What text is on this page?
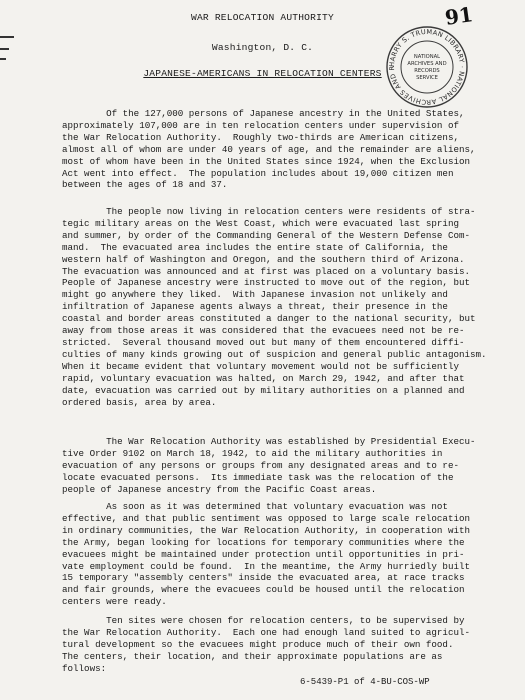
91
WAR RELOCATION AUTHORITY
Washington, D. C.
JAPANESE-AMERICANS IN RELOCATION CENTERS
HARRY S. TRUMAN LIBRARY · NATIONAL ARCHIVES AND R
NATIONAL
ARCHIVES AND
RECORDS
SERVICE
Of the 127,000 persons of Japanese ancestry in the United States,
approximately 107,000 are in ten relocation centers under supervision of
the War Relocation Authority.  Roughly two-thirds are American citizens,
almost all of whom are under 40 years of age, and the remainder are aliens,
most of whom have been in the United States since 1924, when the Exclusion
Act went into effect.  The population includes about 19,000 citizen men
between the ages of 18 and 37.
The people now living in relocation centers were residents of stra-
tegic military areas on the West Coast, which were evacuated last spring
and summer, by order of the Commanding General of the Western Defense Com-
mand.  The evacuated area includes the entire state of California, the
western half of Washington and Oregon, and the southern third of Arizona.
The evacuation was announced and at first was placed on a voluntary basis.
People of Japanese ancestry were instructed to move out of the region, but
might go anywhere they liked.  With Japanese invasion not unlikely and
infiltration of Japanese agents always a threat, their presence in the
coastal and border areas constituted a danger to the national security, but
away from those areas it was considered that the evacuees need not be re-
stricted.  Several thousand moved out but many of them encountered diffi-
culties of many kinds growing out of suspicion and general public antagonism.
When it became evident that voluntary movement would not be sufficiently
rapid, voluntary evacuation was halted, on March 29, 1942, and after that
date, evacuation was carried out by military authorities on a planned and
ordered basis, area by area.
The War Relocation Authority was established by Presidential Execu-
tive Order 9102 on March 18, 1942, to aid the military authorities in
evacuation of any persons or groups from any designated areas and to re-
locate evacuated persons.  Its immediate task was the relocation of the
people of Japanese ancestry from the Pacific Coast areas.
As soon as it was determined that voluntary evacuation was not
effective, and that public sentiment was opposed to large scale relocation
in ordinary communities, the War Relocation Authority, in cooperation with
the Army, began looking for locations for temporary communities where the
evacuees might be maintained under protection until opportunities in pri-
vate employment could be found.  In the meantime, the Army hurriedly built
15 temporary "assembly centers" inside the evacuated area, at race tracks
and fair grounds, where the evacuees could be housed until the relocation
centers were ready.
Ten sites were chosen for relocation centers, to be supervised by
the War Relocation Authority.  Each one had enough land suited to agricul-
tural development so the evacuees might produce much of their own food.
The centers, their location, and their approximate populations are as
follows:
6-5439-P1 of 4-BU-COS-WP
